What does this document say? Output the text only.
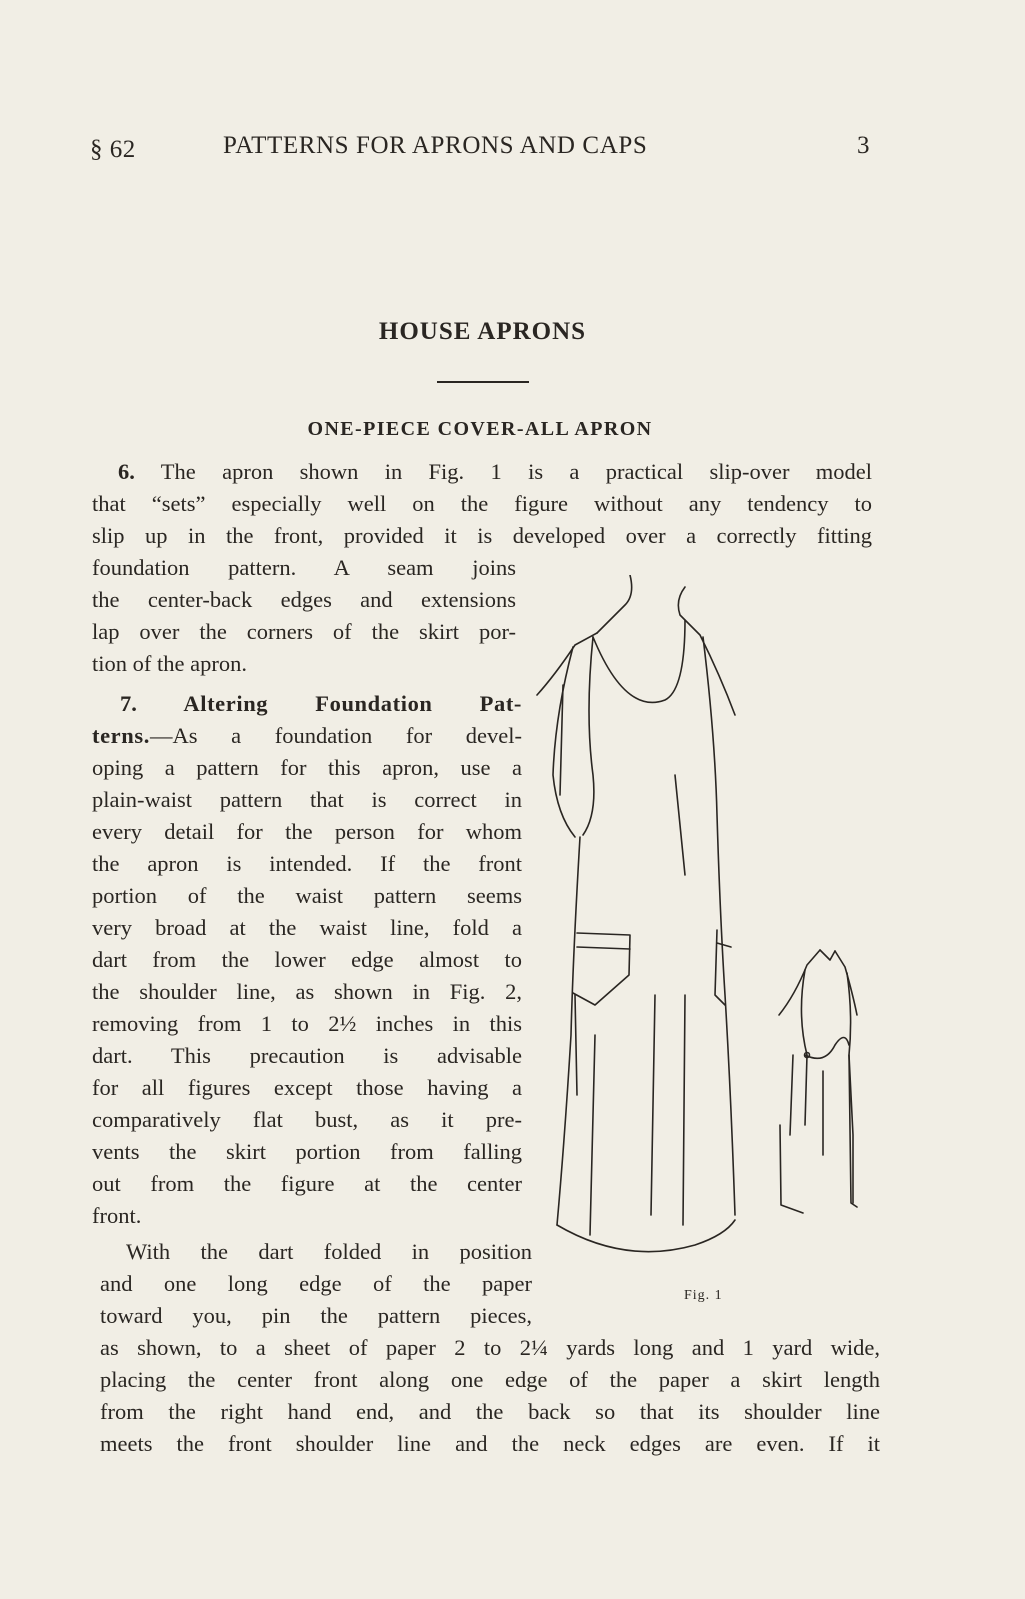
§ 62	PATTERNS FOR APRONS AND CAPS	3
HOUSE APRONS
ONE-PIECE COVER-ALL APRON
6. The apron shown in Fig. 1 is a practical slip-over model
that “sets” especially well on the figure without any tendency to
slip up in the front, provided it is developed over a correctly fitting
foundation pattern. A seam joins
the center-back edges and extensions
lap over the corners of the skirt por-
tion of the apron.
7. Altering Foundation Pat-
terns.—As a foundation for devel-
oping a pattern for this apron, use a
plain-waist pattern that is correct in
every detail for the person for whom
the apron is intended. If the front
portion of the waist pattern seems
very broad at the waist line, fold a
dart from the lower edge almost to
the shoulder line, as shown in Fig. 2,
removing from 1 to 2½ inches in this
dart. This precaution is advisable
for all figures except those having a
comparatively flat bust, as it pre-
vents the skirt portion from falling
out from the figure at the center
front.
With the dart folded in position
and one long edge of the paper
toward you, pin the pattern pieces,
as shown, to a sheet of paper 2 to 2¼ yards long and 1 yard wide,
placing the center front along one edge of the paper a skirt length
from the right hand end, and the back so that its shoulder line
meets the front shoulder line and the neck edges are even. If it
Fig. 1
